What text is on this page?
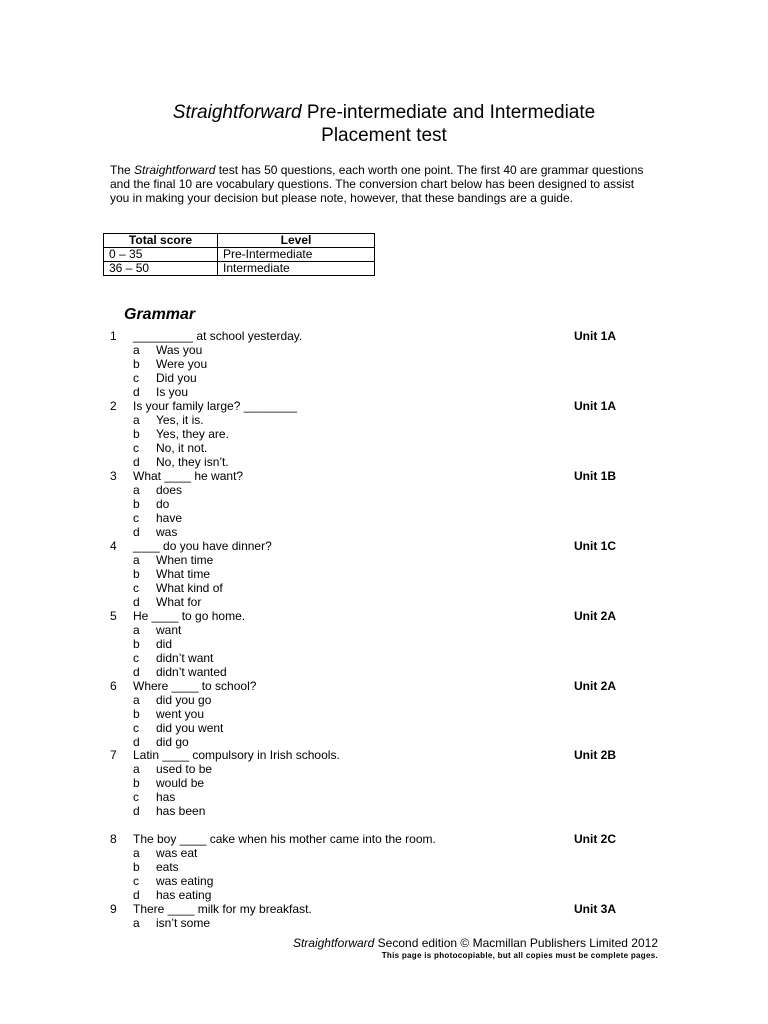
Straightforward Pre-intermediate and Intermediate
Placement test

The Straightforward test has 50 questions, each worth one point. The first 40 are grammar questions and the final 10 are vocabulary questions. The conversion chart below has been designed to assist you in making your decision but please note, however, that these bandings are a guide.

Total score	Level
0 – 35	Pre-Intermediate
36 – 50	Intermediate
Grammar
1 _________ at school yesterday.	Unit 1A
a Was you
b Were you
c Did you
d Is you
2 Is your family large? ________	Unit 1A
a Yes, it is.
b Yes, they are.
c No, it not.
d No, they isn’t.
3 What ____ he want?	Unit 1B
a does
b do
c have
d was
4 ____ do you have dinner?	Unit 1C
a When time
b What time
c What kind of
d What for
5 He ____ to go home.	Unit 2A
a want
b did
c didn’t want
d didn’t wanted
6 Where ____ to school?	Unit 2A
a did you go
b went you
c did you went
d did go
7 Latin ____ compulsory in Irish schools.	Unit 2B
a used to be
b would be
c has
d has been
8 The boy ____ cake when his mother came into the room.	Unit 2C
a was eat
b eats
c was eating
d has eating
9 There ____ milk for my breakfast.	Unit 3A
a isn’t some
Straightforward Second edition © Macmillan Publishers Limited 2012
This page is photocopiable, but all copies must be complete pages.
